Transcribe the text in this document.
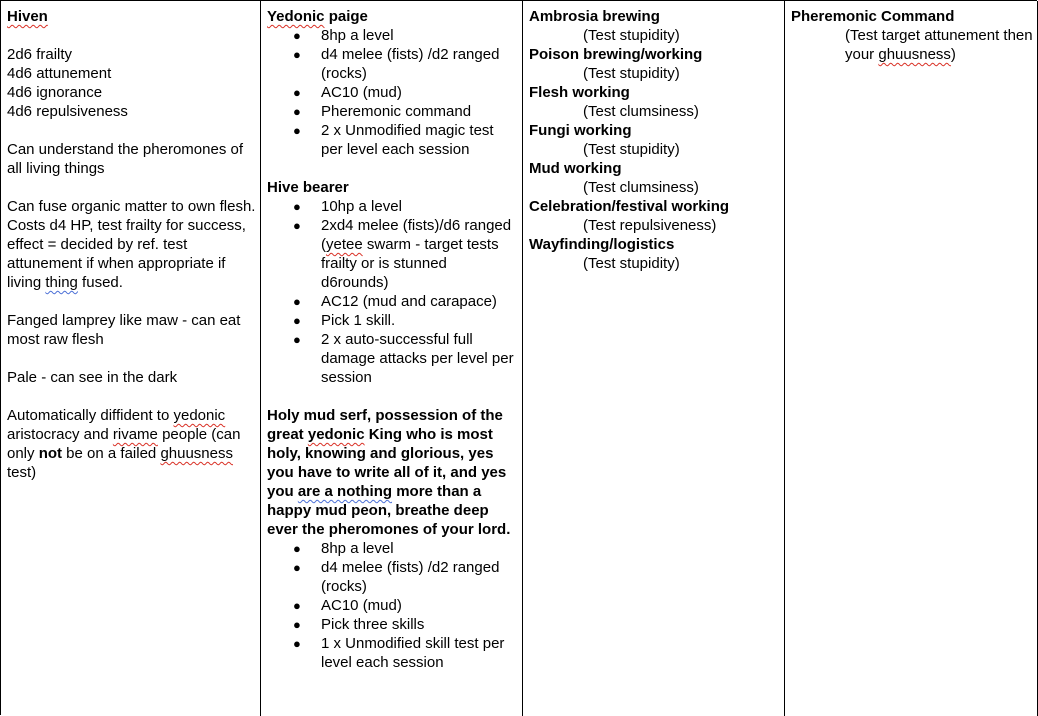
Hiven
2d6 frailty
4d6 attunement
4d6 ignorance
4d6 repulsiveness
Can understand the pheromones of all living things
Can fuse organic matter to own flesh. Costs d4 HP, test frailty for success, effect = decided by ref. test attunement if when appropriate if living thing fused.
Fanged lamprey like maw - can eat most raw flesh
Pale - can see in the dark
Automatically diffident to yedonic aristocracy and rivame people (can only not be on a failed ghuusness test)
Yedonic paige
● 8hp a level
● d4 melee (fists) /d2 ranged (rocks)
● AC10 (mud)
● Pheremonic command
● 2 x Unmodified magic test per level each session
Hive bearer
● 10hp a level
● 2xd4 melee (fists)/d6 ranged (yetee swarm - target tests frailty or is stunned d6rounds)
● AC12 (mud and carapace)
● Pick 1 skill.
● 2 x auto-successful full damage attacks per level per session
Holy mud serf, possession of the great yedonic King who is most holy, knowing and glorious, yes you have to write all of it, and yes you are a nothing more than a happy mud peon, breathe deep ever the pheromones of your lord.
● 8hp a level
● d4 melee (fists) /d2 ranged (rocks)
● AC10 (mud)
● Pick three skills
● 1 x Unmodified skill test per level each session
Ambrosia brewing
(Test stupidity)
Poison brewing/working
(Test stupidity)
Flesh working
(Test clumsiness)
Fungi working
(Test stupidity)
Mud working
(Test clumsiness)
Celebration/festival working
(Test repulsiveness)
Wayfinding/logistics
(Test stupidity)
Pheremonic Command
(Test target attunement then your ghuusness)
